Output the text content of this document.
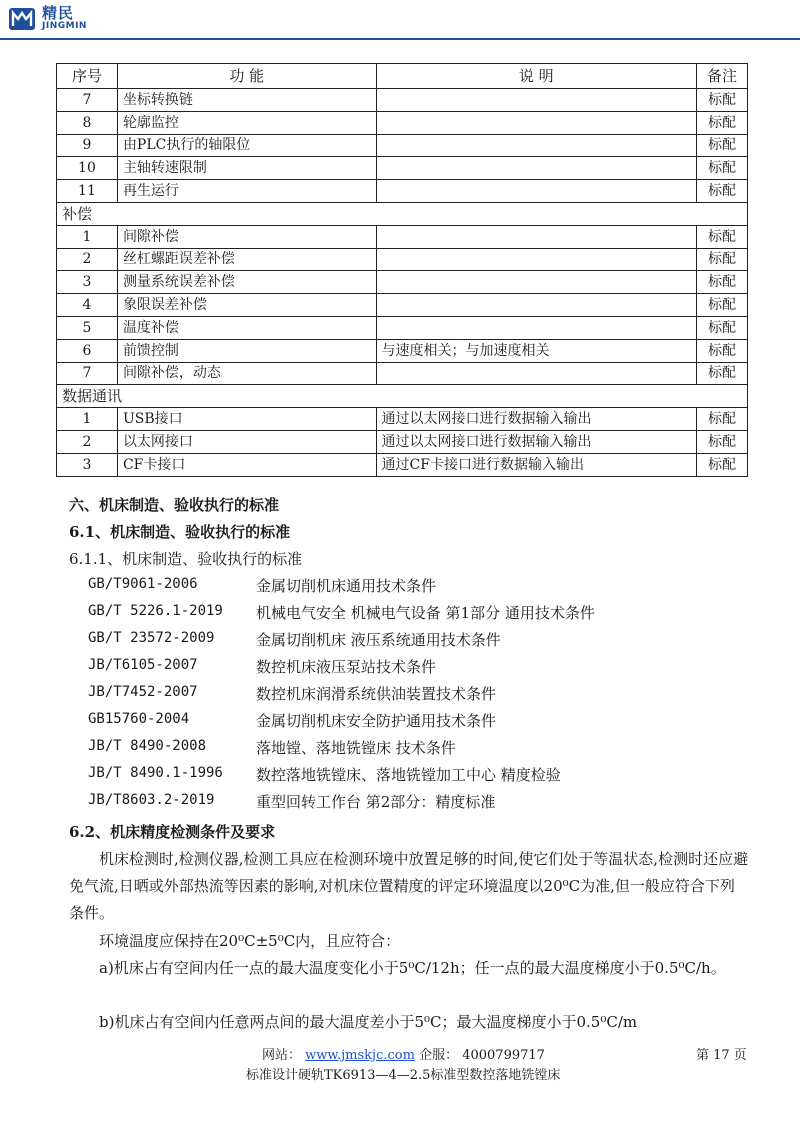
精民
JINGMIN
序号	功 能	说 明	备注
7	坐标转换链		标配
8	轮廓监控		标配
9	由PLC执行的轴限位		标配
10	主轴转速限制		标配
11	再生运行		标配
补偿			
1	间隙补偿		标配
2	丝杠螺距误差补偿		标配
3	测量系统误差补偿		标配
4	象限误差补偿		标配
5	温度补偿		标配
6	前馈控制	与速度相关；与加速度相关	标配
7	间隙补偿，动态		标配
数据通讯			
1	USB接口	通过以太网接口进行数据输入输出	标配
2	以太网接口	通过以太网接口进行数据输入输出	标配
3	CF卡接口	通过CF卡接口进行数据输入输出	标配
六、机床制造、验收执行的标准
6.1、机床制造、验收执行的标准
6.1.1、机床制造、验收执行的标准
GB/T9061-2006	金属切削机床通用技术条件
GB/T 5226.1-2019 机械电气安全 机械电气设备 第1部分 通用技术条件
GB/T 23572-2009	金属切削机床 液压系统通用技术条件
JB/T6105-2007	数控机床液压泵站技术条件
JB/T7452-2007	数控机床润滑系统供油装置技术条件
GB15760-2004	金属切削机床安全防护通用技术条件
JB/T 8490-2008	落地镗、落地铣镗床 技术条件
JB/T 8490.1-1996 数控落地铣镗床、落地铣镗加工中心 精度检验
JB/T8603.2-2019	重型回转工作台 第2部分：精度标准
6.2、机床精度检测条件及要求
机床检测时,检测仪器,检测工具应在检测环境中放置足够的时间,使它们处于等温状态,检测时还应避免气流,日晒或外部热流等因素的影响,对机床位置精度的评定环境温度以20⁰C为准,但一般应符合下列条件。
环境温度应保持在20⁰C±5⁰C内，且应符合：
a)机床占有空间内任一点的最大温度变化小于5⁰C/12h；任一点的最大温度梯度小于0.5⁰C/h。
b)机床占有空间内任意两点间的最大温度差小于5⁰C；最大温度梯度小于0.5⁰C/m
网站： www.jmskjc.com 企服： 4000799717	第 17 页
标准设计硬轨TK6913—4—2.5标准型数控落地铣镗床
